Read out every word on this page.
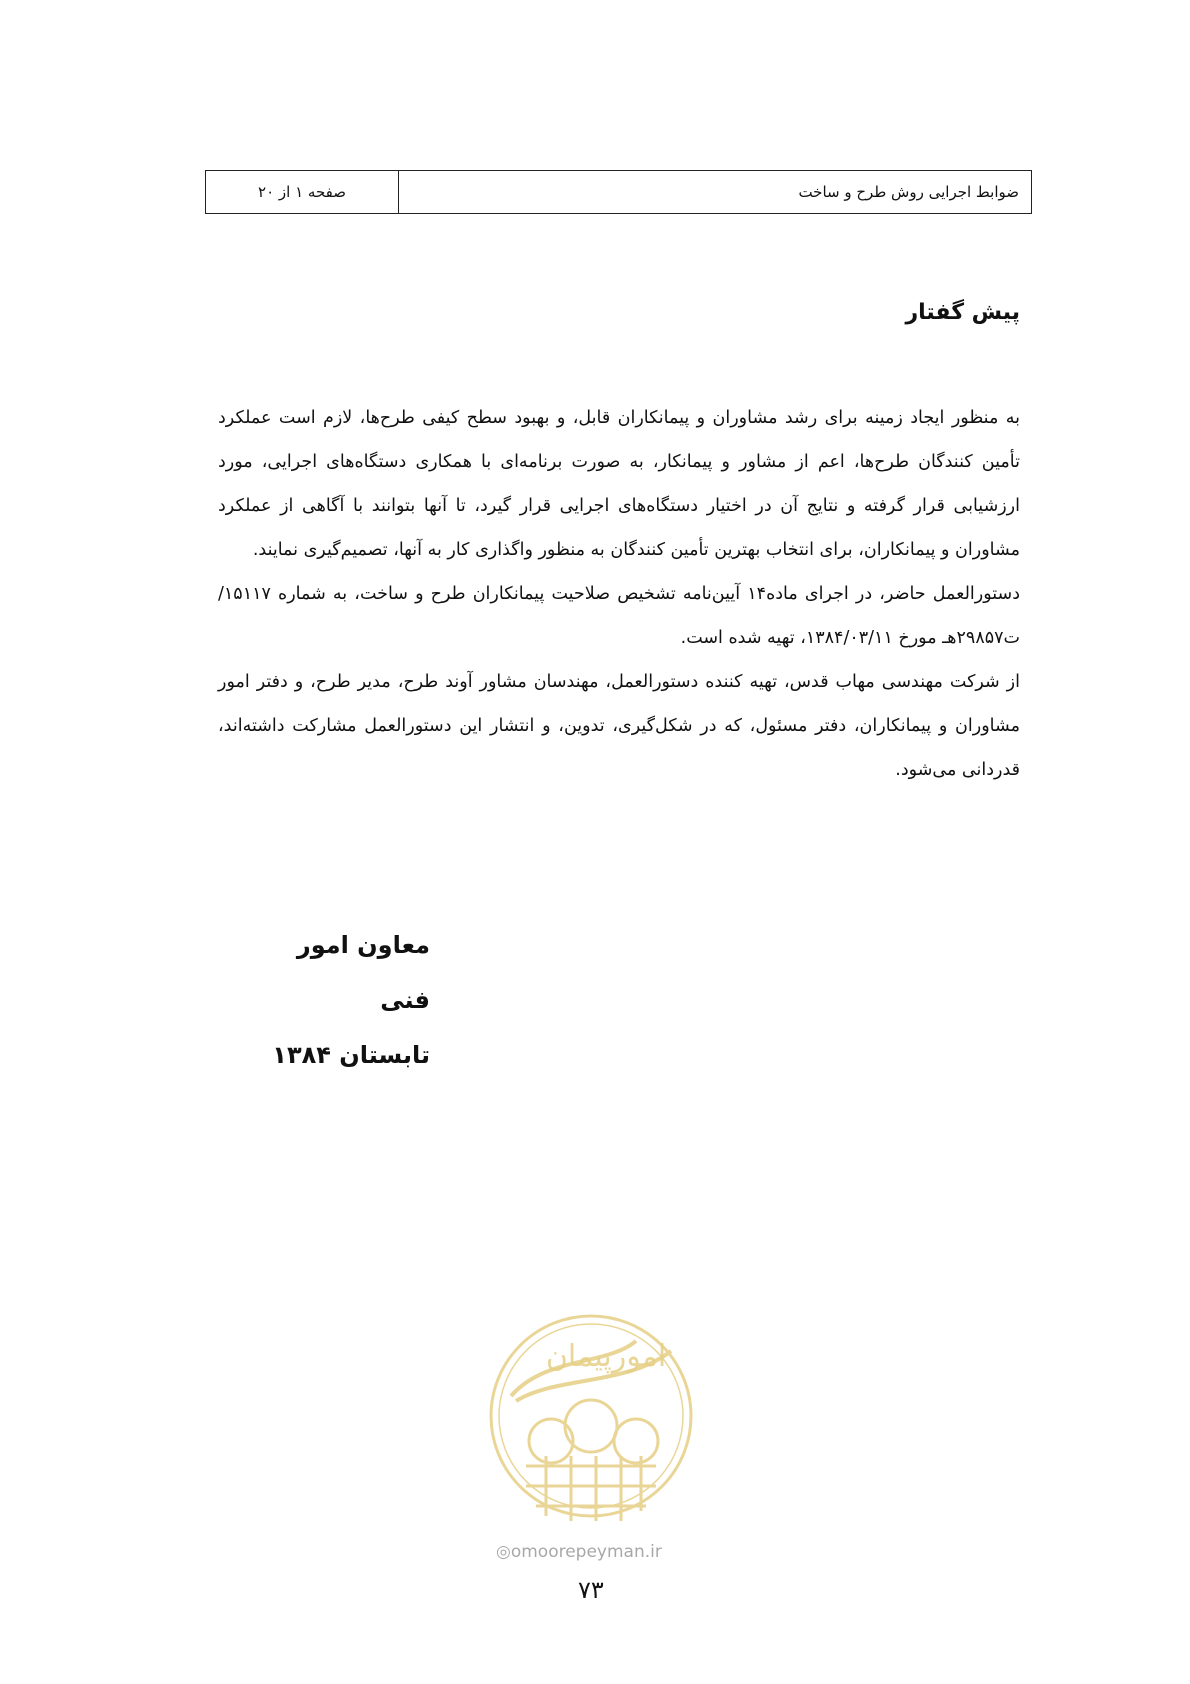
صفحه ۱ از ۲۰	ضوابط اجرایی روش طرح و ساخت
پیش گفتار

به منظور ایجاد زمینه برای رشد مشاوران و پیمانکاران قابل، و بهبود سطح کیفی طرح‌ها، لازم است عملکرد تأمین کنندگان طرح‌ها، اعم از مشاور و پیمانکار، به صورت برنامه‌ای با همکاری دستگاه‌های اجرایی، مورد ارزشیابی قرار گرفته و نتایج آن در اختیار دستگاه‌های اجرایی قرار گیرد، تا آنها بتوانند با آگاهی از عملکرد مشاوران و پیمانکاران، برای انتخاب بهترین تأمین کنندگان به منظور واگذاری کار به آنها، تصمیم‌گیری نمایند.

دستورالعمل حاضر، در اجرای ماده۱۴ آیین‌نامه تشخیص صلاحیت پیمانکاران طرح و ساخت، به شماره ۱۵۱۱۷/ت۲۹۸۵۷هـ مورخ ۱۳۸۴/۰۳/۱۱، تهیه شده است.

از شرکت مهندسی مهاب قدس، تهیه کننده دستورالعمل، مهندسان مشاور آوند طرح، مدیر طرح، و دفتر امور مشاوران و پیمانکاران، دفتر مسئول، که در شکل‌گیری، تدوین، و انتشار این دستورالعمل مشارکت داشته‌اند، قدردانی می‌شود.

معاون امور فنی
تابستان ۱۳۸۴
امورپیمان
◎omoorepeyman.ir
۷۳
